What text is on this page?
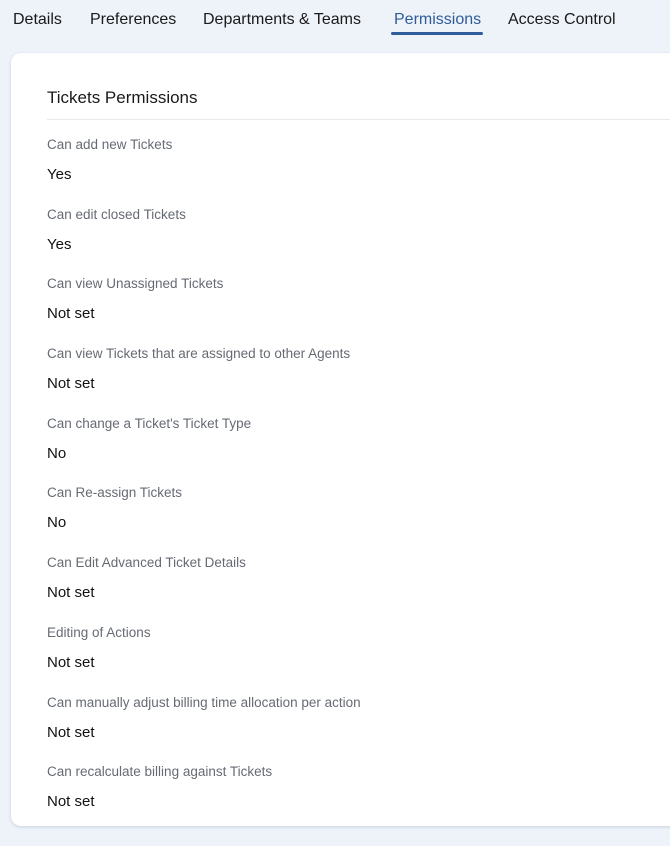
Details Preferences Departments & Teams Permissions Access Control
Tickets Permissions
Can add new Tickets
Yes
Can edit closed Tickets
Yes
Can view Unassigned Tickets
Not set
Can view Tickets that are assigned to other Agents
Not set
Can change a Ticket's Ticket Type
No
Can Re-assign Tickets
No
Can Edit Advanced Ticket Details
Not set
Editing of Actions
Not set
Can manually adjust billing time allocation per action
Not set
Can recalculate billing against Tickets
Not set
